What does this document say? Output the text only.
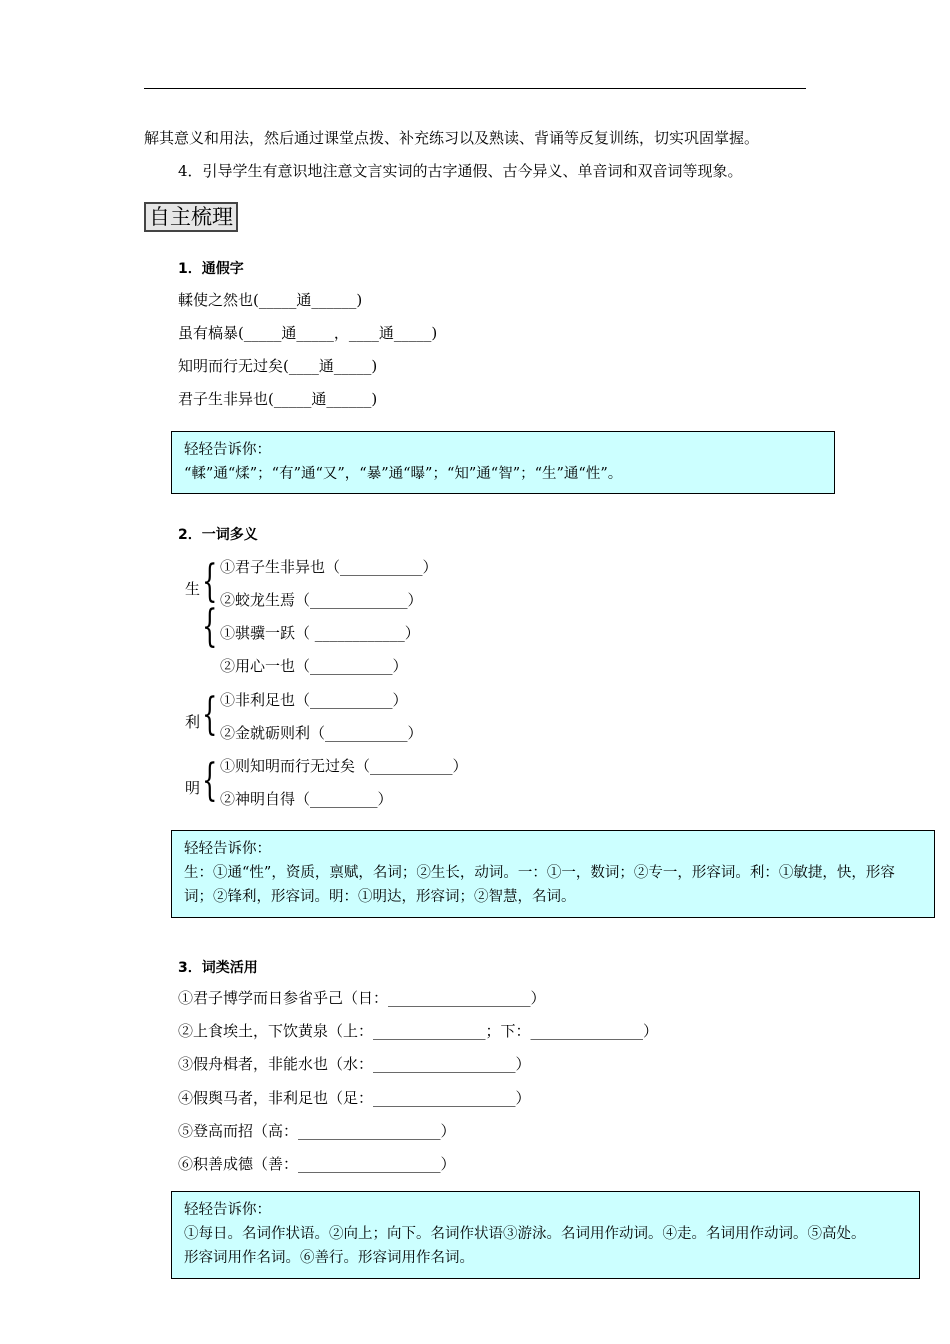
解其意义和用法，然后通过课堂点拨、补充练习以及熟读、背诵等反复训练，切实巩固掌握。
4．引导学生有意识地注意文言实词的古字通假、古今异义、单音词和双音词等现象。
自主梳理
1．通假字
輮使之然也(_____通______)
虽有槁暴(_____通_____，____通_____)
知明而行无过矣(____通_____)
君子生非异也(_____通______)
轻轻告诉你：
“輮”通“煣”；“有”通“又”，“暴”通“曝”；“知”通“智”；“生”通“性”。
2．一词多义
生 { ①君子生非异也（___________）
②蛟龙生焉（_____________）
{ ①骐骥一跃（ ____________）
②用心一也（___________）
利 { ①非利足也（___________）
②金就砺则利（___________）
明 { ①则知明而行无过矣（___________）
②神明自得（_________）
轻轻告诉你：
生：①通“性”，资质，禀赋，名词；②生长，动词。一：①一，数词；②专一，形容词。利：①敏捷，快，形容
词；②锋利，形容词。明：①明达，形容词；②智慧，名词。
3．词类活用
①君子博学而日参省乎己（日：___________________）
②上食埃土，下饮黄泉（上：_______________；下：_______________）
③假舟楫者，非能水也（水：___________________）
④假舆马者，非利足也（足：___________________）
⑤登高而招（高：___________________）
⑥积善成德（善：___________________）
轻轻告诉你：
①每日。名词作状语。②向上；向下。名词作状语③游泳。名词用作动词。④走。名词用作动词。⑤高处。
形容词用作名词。⑥善行。形容词用作名词。
